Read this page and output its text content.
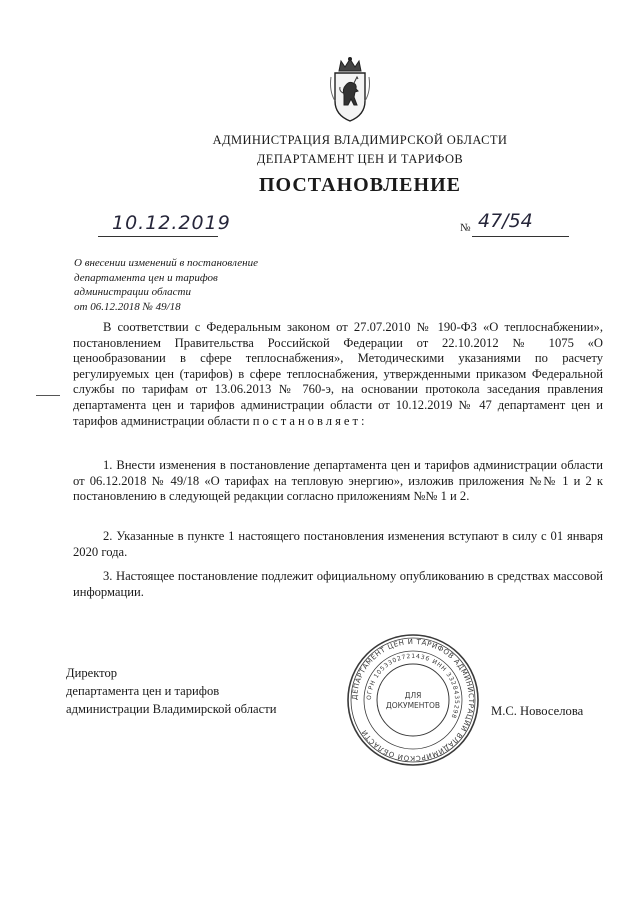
АДМИНИСТРАЦИЯ ВЛАДИМИРСКОЙ ОБЛАСТИ
ДЕПАРТАМЕНТ ЦЕН И ТАРИФОВ
ПОСТАНОВЛЕНИЕ
10.12.2019	№ 47/54
О внесении изменений в постановление
департамента цен и тарифов
администрации области
от 06.12.2018 № 49/18

В соответствии с Федеральным законом от 27.07.2010 № 190-ФЗ «О теплоснабжении», постановлением Правительства Российской Федерации от 22.10.2012 № 1075 «О ценообразовании в сфере теплоснабжения», Методическими указаниями по расчету регулируемых цен (тарифов) в сфере теплоснабжения, утвержденными приказом Федеральной службы по тарифам от 13.06.2013 № 760-э, на основании протокола заседания правления департамента цен и тарифов администрации области от 10.12.2019 № 47 департамент цен и тарифов администрации области постановляет:

1. Внести изменения в постановление департамента цен и тарифов администрации области от 06.12.2018 № 49/18 «О тарифах на тепловую энергию», изложив приложения №№ 1 и 2 к постановлению в следующей редакции согласно приложениям №№ 1 и 2.

2. Указанные в пункте 1 настоящего постановления изменения вступают в силу с 01 января 2020 года.

3. Настоящее постановление подлежит официальному опубликованию в средствах массовой информации.

Директор
департамента цен и тарифов
администрации Владимирской области
ДЕПАРТАМЕНТ ЦЕН И ТАРИФОВ АДМИНИСТРАЦИИ ВЛАДИМИРСКОЙ ОБЛАСТИ
ОГРН 1053302721436 ИНН 3328435298
ДЛЯ
ДОКУМЕНТОВ	М.С. Новоселова
